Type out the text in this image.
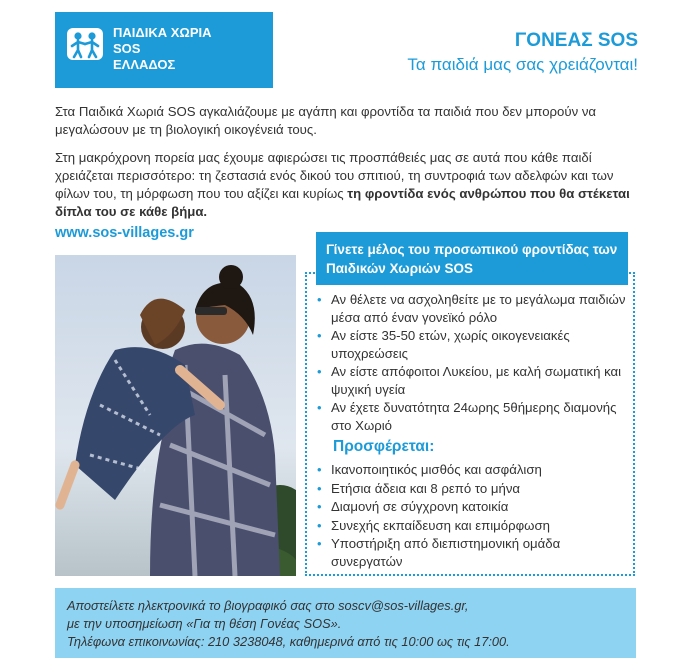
ΠΑΙΔΙΚΑ ΧΩΡΙΑ
SOS
ΕΛΛΑΔΟΣ
ΓΟΝΕΑΣ SOS
Τα παιδιά μας σας χρειάζονται!
Στα Παιδικά Χωριά SOS αγκαλιάζουμε με αγάπη και φροντίδα τα παιδιά που δεν μπορούν να μεγαλώσουν με τη βιολογική οικογένειά τους.
Στη μακρόχρονη πορεία μας έχουμε αφιερώσει τις προσπάθειές μας σε αυτά που κάθε παιδί χρειάζεται περισσότερο: τη ζεστασιά ενός δικού του σπιτιού, τη συντροφιά των αδελφών και των φίλων του, τη μόρφωση που του αξίζει και κυρίως τη φροντίδα ενός ανθρώπου που θα στέκεται δίπλα του σε κάθε βήμα.
www.sos-villages.gr
Γίνετε μέλος του προσωπικού φροντίδας των Παιδικών Χωριών SOS
• Αν θέλετε να ασχοληθείτε με το μεγάλωμα παιδιών μέσα από έναν γονεϊκό ρόλο
• Αν είστε 35-50 ετών, χωρίς οικογενειακές υποχρεώσεις
• Αν είστε απόφοιτοι Λυκείου, με καλή σωματική και ψυχική υγεία
• Αν έχετε δυνατότητα 24ωρης 5θήμερης διαμονής στο Χωριό
Προσφέρεται:
• Ικανοποιητικός μισθός και ασφάλιση
• Ετήσια άδεια και 8 ρεπό το μήνα
• Διαμονή σε σύγχρονη κατοικία
• Συνεχής εκπαίδευση και επιμόρφωση
• Υποστήριξη από διεπιστημονική ομάδα συνεργατών
Αποστείλετε ηλεκτρονικά το βιογραφικό σας στο soscv@sos-villages.gr,
με την υποσημείωση «Για τη θέση Γονέας SOS».
Τηλέφωνα επικοινωνίας: 210 3238048, καθημερινά από τις 10:00 ως τις 17:00.
